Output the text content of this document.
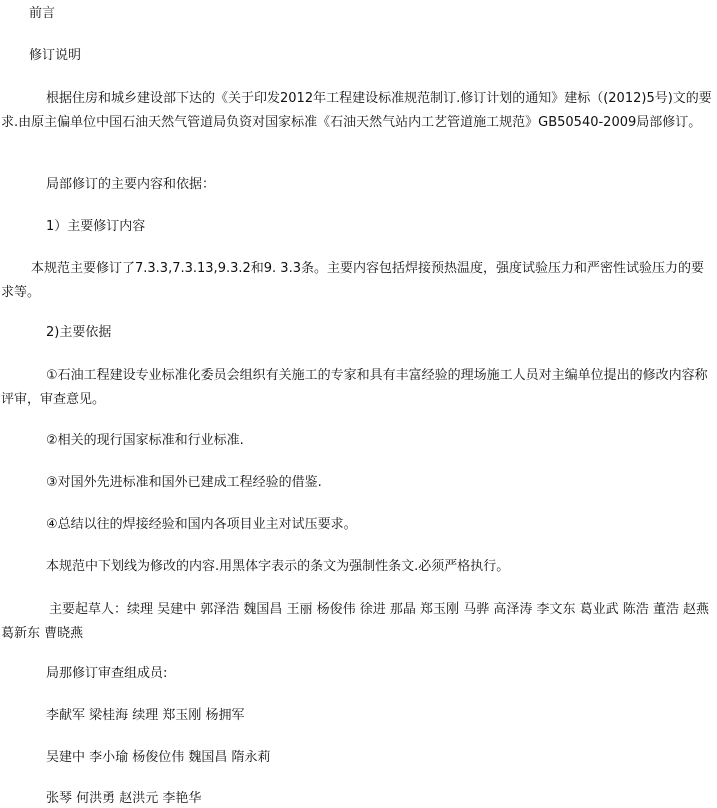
前言

修订说明

根据住房和城乡建设部下达的《关于印发2012年工程建设标准规范制订.修订计划的通知》建标（(2012)5号)文的要求.由原主偏单位中国石油天然气管道局负资对国家标准《石油天然气站内工艺管道施工规范》GB50540-2009局部修订。

局部修订的主要内容和依据：

1）主要修订内容

本规范主要修订了7.3.3,7.3.13,9.3.2和9. 3.3条。主要内容包括焊接预热温度，强度试验压力和严密性试验压力的要求等。

2)主要依据

①石油工程建设专业标准化委员会组织有关施工的专家和具有丰富经验的理场施工人员对主编单位提出的修改内容称评审，审查意见。

②相关的现行国家标准和行业标准.

③对国外先进标准和国外已建成工程经验的借鉴.

④总结以往的焊接经验和国内各项目业主对试压要求。

本规范中下划线为修改的内容.用黑体字表示的条文为强制性条文.必须严格执行。

主要起草人：续理 吴建中 郭泽浩 魏国昌 王丽 杨俊伟 徐进 那晶 郑玉刚 马骅 高泽涛 李文东 葛业武 陈浩 董浩 赵燕 葛新东 曹晓燕

局那修订审查组成员:

李献军 梁桂海 续理 郑玉刚 杨拥军

吴建中 李小瑜 杨俊位伟 魏国昌 隋永莉

张琴 何洪勇 赵洪元 李艳华
